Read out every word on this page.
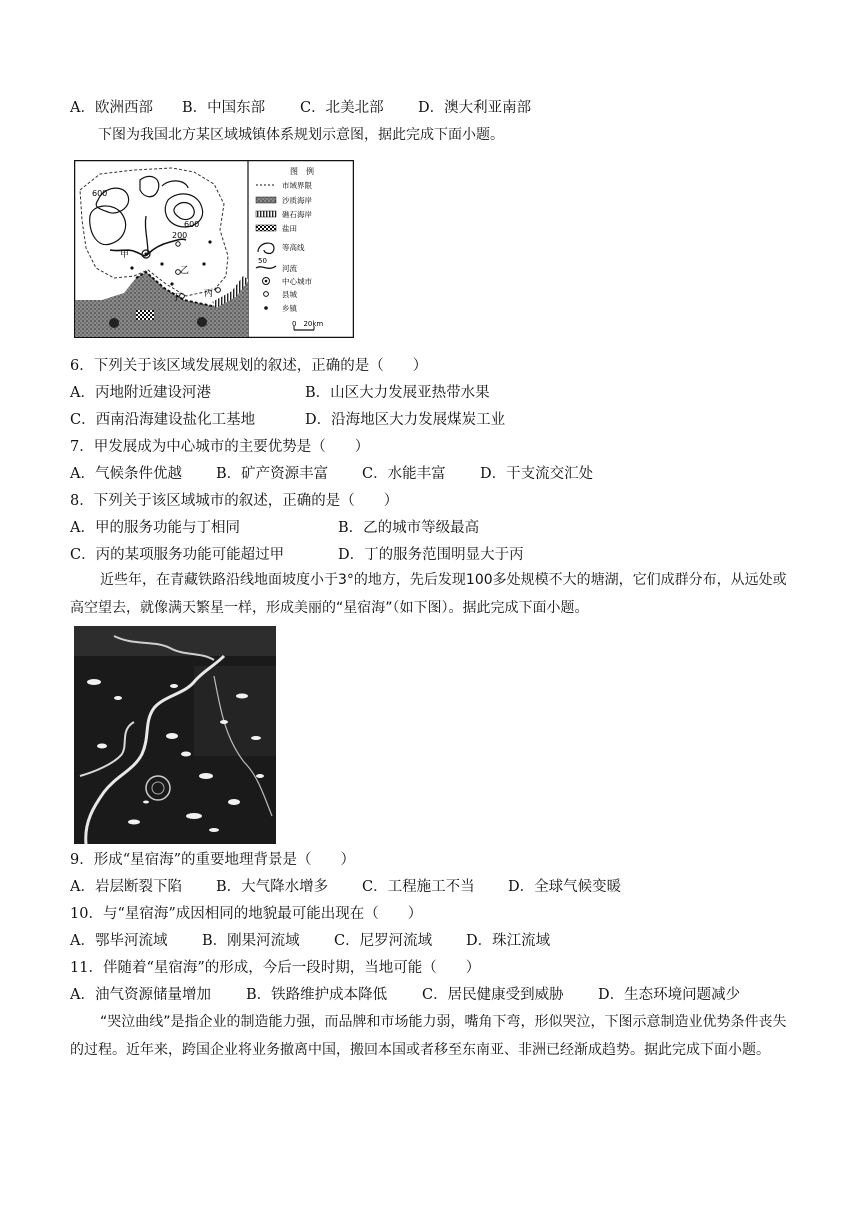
A．欧洲西部 B．中国东部 C．北美北部 D．澳大利亚南部
下图为我国北方某区域城镇体系规划示意图，据此完成下面小题。
600
600
200
甲
乙
丙
丁
图　例
市域界限
沙质海岸
礁石海岸
盐田
50
等高线
河流
中心城市
县城
乡镇
0　20km
6．下列关于该区域发展规划的叙述，正确的是（　　）
A．丙地附近建设河港	B．山区大力发展亚热带水果
C．西南沿海建设盐化工基地	D．沿海地区大力发展煤炭工业
7．甲发展成为中心城市的主要优势是（　　）
A．气候条件优越 B．矿产资源丰富 C．水能丰富 D．干支流交汇处
8．下列关于该区域城市的叙述，正确的是（　　）
A．甲的服务功能与丁相同	B．乙的城市等级最高
C．丙的某项服务功能可能超过甲	D．丁的服务范围明显大于丙
近些年，在青藏铁路沿线地面坡度小于3°的地方，先后发现100多处规模不大的塘湖，它们成群分布，从远处或高空望去，就像满天繁星一样，形成美丽的“星宿海”（如下图）。据此完成下面小题。
9．形成“星宿海”的重要地理背景是（　　）
A．岩层断裂下陷 B．大气降水增多 C．工程施工不当 D．全球气候变暖
10．与“星宿海”成因相同的地貌最可能出现在（　　）
A．鄂毕河流域 B．刚果河流域 C．尼罗河流域 D．珠江流域
11．伴随着“星宿海”的形成，今后一段时期，当地可能（　　）
A．油气资源储量增加 B．铁路维护成本降低 C．居民健康受到威胁 D．生态环境问题减少
“哭泣曲线”是指企业的制造能力强，而品牌和市场能力弱，嘴角下弯，形似哭泣，下图示意制造业优势条件丧失的过程。近年来，跨国企业将业务撤离中国，搬回本国或者移至东南亚、非洲已经渐成趋势。据此完成下面小题。
